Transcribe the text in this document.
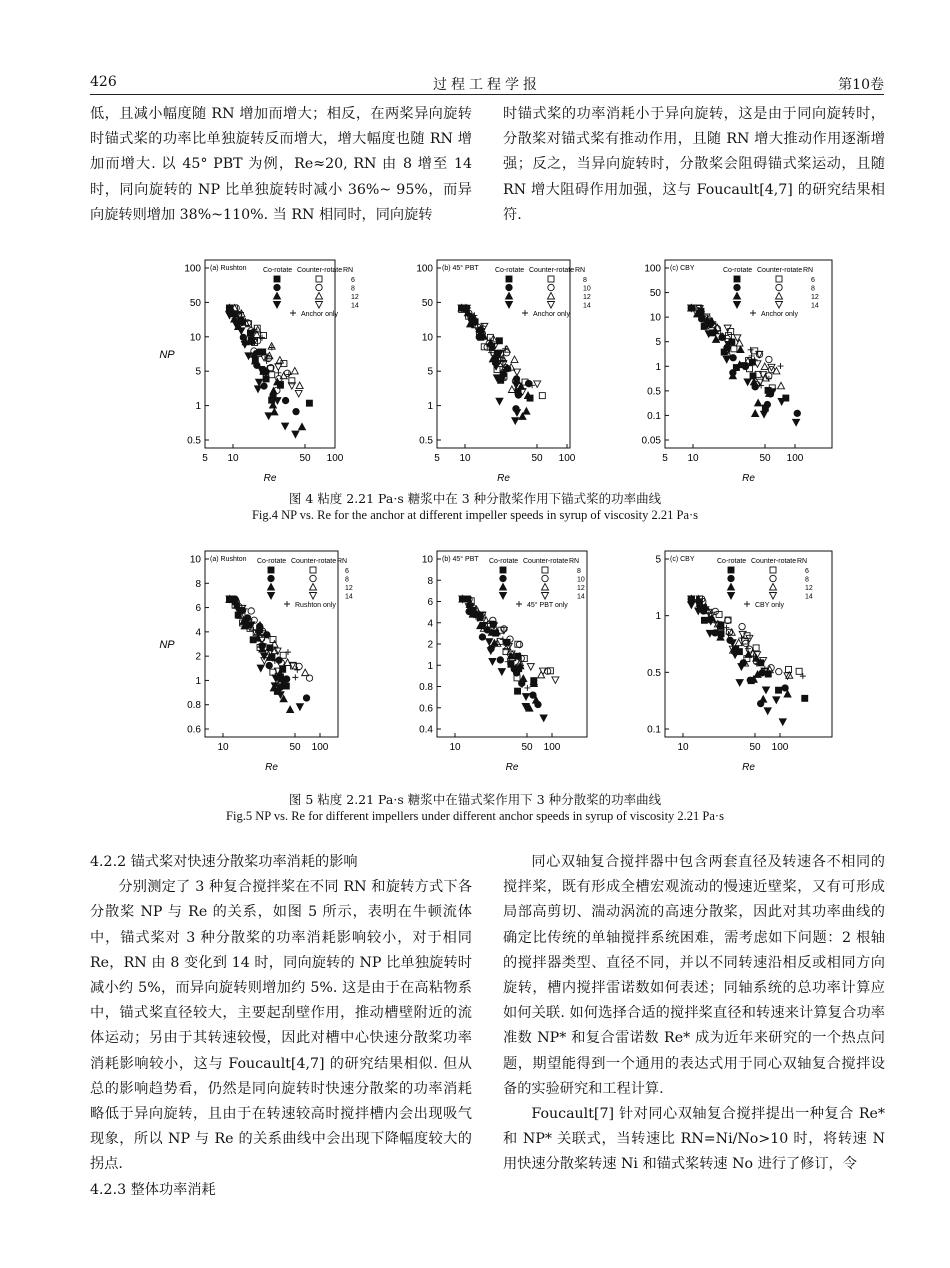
426	过程工程学报	第10卷

低，且减小幅度随 RN 增加而增大；相反，在两桨异向旋转时锚式桨的功率比单独旋转反而增大，增大幅度也随 RN 增加而增大. 以 45° PBT 为例，Re≈20, RN 由 8 增至 14 时，同向旋转的 NP 比单独旋转时减小 36%~ 95%，而异向旋转则增加 38%~110%. 当 RN 相同时，同向旋转

时锚式桨的功率消耗小于异向旋转，这是由于同向旋转时，分散桨对锚式桨有推动作用，且随 RN 增大推动作用逐渐增强；反之，当异向旋转时，分散桨会阻碍锚式桨运动，且随 RN 增大阻碍作用加强，这与 Foucault[4,7] 的研究结果相符.

100
50
10
5
1
0.5
5 10	50 100
Re
NP
(a) Rushton Co-rotate Counter-rotate RN
6
8
12
14
Anchor only
100
50
10
5
1
0.5
5 10	50 100
Re
(b) 45° PBT Co-rotate Counter-rotate RN
8
10
12
14
Anchor only
100
50
10
5
1
0.5
0.1
0.05
5 10	50 100
Re
(c) CBY	Co-rotate Counter-rotate RN
6
8
12
14
Anchor only
图 4 粘度 2.21 Pa·s 糖浆中在 3 种分散桨作用下锚式桨的功率曲线
Fig.4 NP vs. Re for the anchor at different impeller speeds in syrup of viscosity 2.21 Pa·s
10
8
6
4
2
1
0.8
0.6
10	50 100
Re
NP
(a) Rushton Co-rotate Counter-rotate RN
6
8
12
14
Rushton only
10
8
6
4
2
1
0.8
0.6
0.4
10	50 100
Re
(b) 45° PBT Co-rotate Counter-rotate RN
8
10
12
14
45° PBT only
5
1
0.5
0.1
10	50 100
Re
(c) CBY	Co-rotate Counter-rotate RN
6
8
12
14
CBY only
图 5 粘度 2.21 Pa·s 糖浆中在锚式桨作用下 3 种分散桨的功率曲线
Fig.5 NP vs. Re for different impellers under different anchor speeds in syrup of viscosity 2.21 Pa·s

4.2.2 锚式桨对快速分散桨功率消耗的影响

分别测定了 3 种复合搅拌桨在不同 RN 和旋转方式下各分散桨 NP 与 Re 的关系，如图 5 所示，表明在牛顿流体中，锚式桨对 3 种分散桨的功率消耗影响较小，对于相同 Re，RN 由 8 变化到 14 时，同向旋转的 NP 比单独旋转时减小约 5%，而异向旋转则增加约 5%. 这是由于在高粘物系中，锚式桨直径较大，主要起刮壁作用，推动槽壁附近的流体运动；另由于其转速较慢，因此对槽中心快速分散桨功率消耗影响较小，这与 Foucault[4,7] 的研究结果相似. 但从总的影响趋势看，仍然是同向旋转时快速分散桨的功率消耗略低于异向旋转，且由于在转速较高时搅拌槽内会出现吸气现象，所以 NP 与 Re 的关系曲线中会出现下降幅度较大的拐点.

4.2.3 整体功率消耗

同心双轴复合搅拌器中包含两套直径及转速各不相同的搅拌桨，既有形成全槽宏观流动的慢速近壁桨，又有可形成局部高剪切、湍动涡流的高速分散桨，因此对其功率曲线的确定比传统的单轴搅拌系统困难，需考虑如下问题：2 根轴的搅拌器类型、直径不同，并以不同转速沿相反或相同方向旋转，槽内搅拌雷诺数如何表述；同轴系统的总功率计算应如何关联. 如何选择合适的搅拌桨直径和转速来计算复合功率准数 NP* 和复合雷诺数 Re* 成为近年来研究的一个热点问题，期望能得到一个通用的表达式用于同心双轴复合搅拌设备的实验研究和工程计算.

Foucault[7] 针对同心双轴复合搅拌提出一种复合 Re* 和 NP* 关联式，当转速比 RN=Ni/No>10 时，将转速 N 用快速分散桨转速 Ni 和锚式桨转速 No 进行了修订，令
